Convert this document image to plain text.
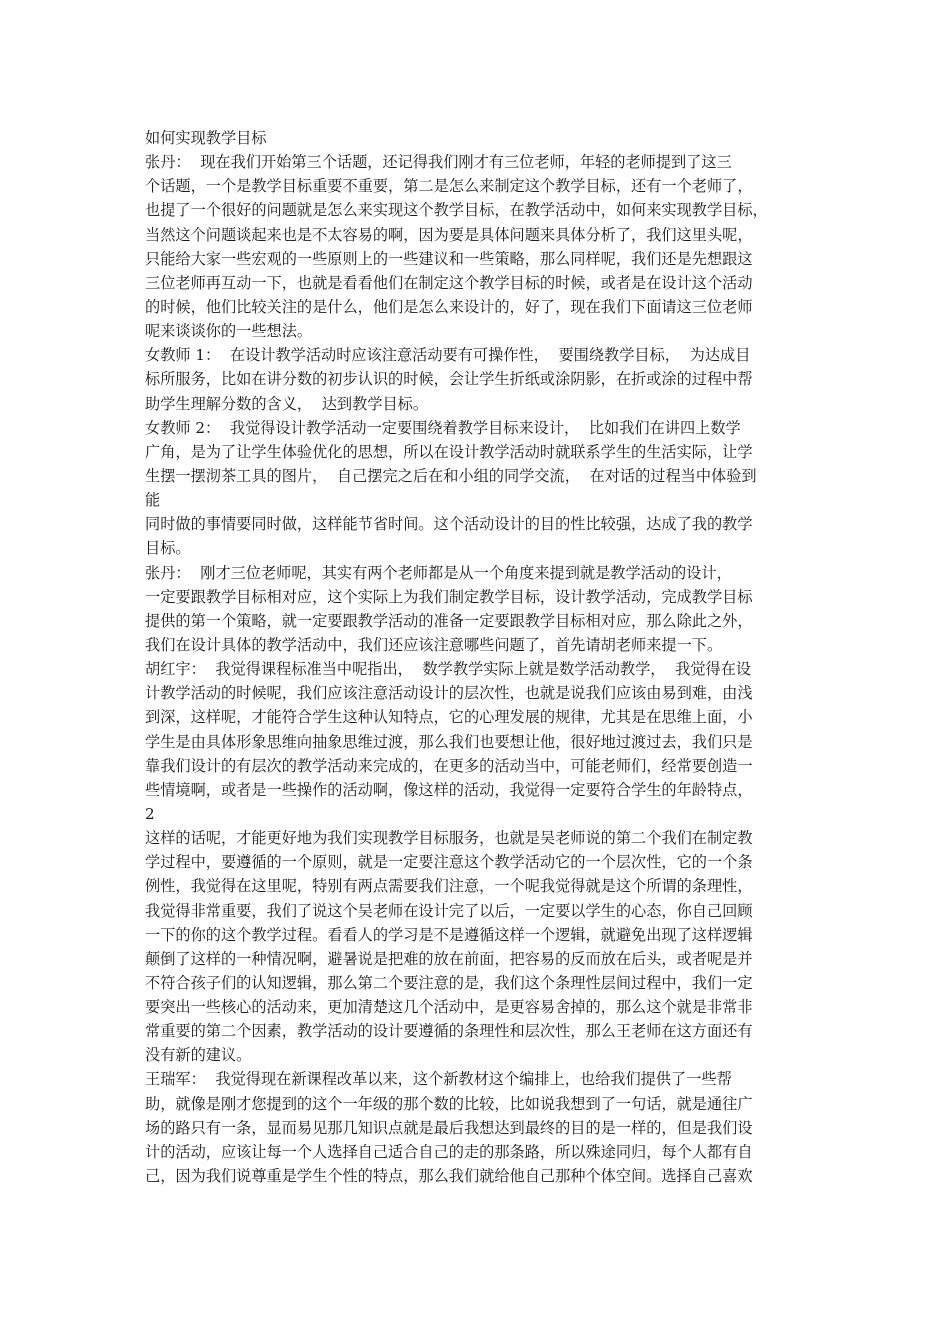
如何实现教学目标
张丹：  现在我们开始第三个话题，还记得我们刚才有三位老师，年轻的老师提到了这三
个话题，一个是教学目标重要不重要，第二是怎么来制定这个教学目标，还有一个老师了，
也提了一个很好的问题就是怎么来实现这个教学目标，在教学活动中，如何来实现教学目标，
当然这个问题谈起来也是不太容易的啊，因为要是具体问题来具体分析了，我们这里头呢，
只能给大家一些宏观的一些原则上的一些建议和一些策略，那么同样呢，我们还是先想跟这
三位老师再互动一下，也就是看看他们在制定这个教学目标的时候，或者是在设计这个活动
的时候，他们比较关注的是什么，他们是怎么来设计的，好了，现在我们下面请这三位老师
呢来谈谈你的一些想法。
女教师 1：  在设计教学活动时应该注意活动要有可操作性，  要围绕教学目标，  为达成目
标所服务，比如在讲分数的初步认识的时候，会让学生折纸或涂阴影，在折或涂的过程中帮
助学生理解分数的含义，  达到教学目标。
女教师 2：  我觉得设计教学活动一定要围绕着教学目标来设计，  比如我们在讲四上数学
广角，是为了让学生体验优化的思想，所以在设计教学活动时就联系学生的生活实际，让学
生摆一摆沏茶工具的图片，  自己摆完之后在和小组的同学交流，  在对话的过程当中体验到
能
同时做的事情要同时做，这样能节省时间。这个活动设计的目的性比较强，达成了我的教学
目标。
张丹：  刚才三位老师呢，其实有两个老师都是从一个角度来提到就是教学活动的设计，
一定要跟教学目标相对应，这个实际上为我们制定教学目标，设计教学活动，完成教学目标
提供的第一个策略，就一定要跟教学活动的准备一定要跟教学目标相对应，那么除此之外，
我们在设计具体的教学活动中，我们还应该注意哪些问题了，首先请胡老师来提一下。
胡红宇：  我觉得课程标准当中呢指出，  数学教学实际上就是数学活动教学，  我觉得在设
计教学活动的时候呢，我们应该注意活动设计的层次性，也就是说我们应该由易到难，由浅
到深，这样呢，才能符合学生这种认知特点，它的心理发展的规律，尤其是在思维上面，小
学生是由具体形象思维向抽象思维过渡，那么我们也要想让他，很好地过渡过去，我们只是
靠我们设计的有层次的教学活动来完成的，在更多的活动当中，可能老师们，经常要创造一
些情境啊，或者是一些操作的活动啊，像这样的活动，我觉得一定要符合学生的年龄特点，
2
这样的话呢，才能更好地为我们实现教学目标服务，也就是吴老师说的第二个我们在制定教
学过程中，要遵循的一个原则，就是一定要注意这个教学活动它的一个层次性，它的一个条
例性，我觉得在这里呢，特别有两点需要我们注意，一个呢我觉得就是这个所谓的条理性，
我觉得非常重要，我们了说这个吴老师在设计完了以后，一定要以学生的心态，你自己回顾
一下的你的这个教学过程。看看人的学习是不是遵循这样一个逻辑，就避免出现了这样逻辑
颠倒了这样的一种情况啊，避暑说是把难的放在前面，把容易的反而放在后头，或者呢是并
不符合孩子们的认知逻辑，那么第二个要注意的是，我们这个条理性层间过程中，我们一定
要突出一些核心的活动来，更加清楚这几个活动中，是更容易舍掉的，那么这个就是非常非
常重要的第二个因素，教学活动的设计要遵循的条理性和层次性，那么王老师在这方面还有
没有新的建议。
王瑞军：  我觉得现在新课程改革以来，这个新教材这个编排上，也给我们提供了一些帮
助，就像是刚才您提到的这个一年级的那个数的比较，比如说我想到了一句话，就是通往广
场的路只有一条，显而易见那几知识点就是最后我想达到最终的目的是一样的，但是我们设
计的活动，应该让每一个人选择自己适合自己的走的那条路，所以殊途同归，每个人都有自
己，因为我们说尊重是学生个性的特点，那么我们就给他自己那种个体空间。选择自己喜欢
